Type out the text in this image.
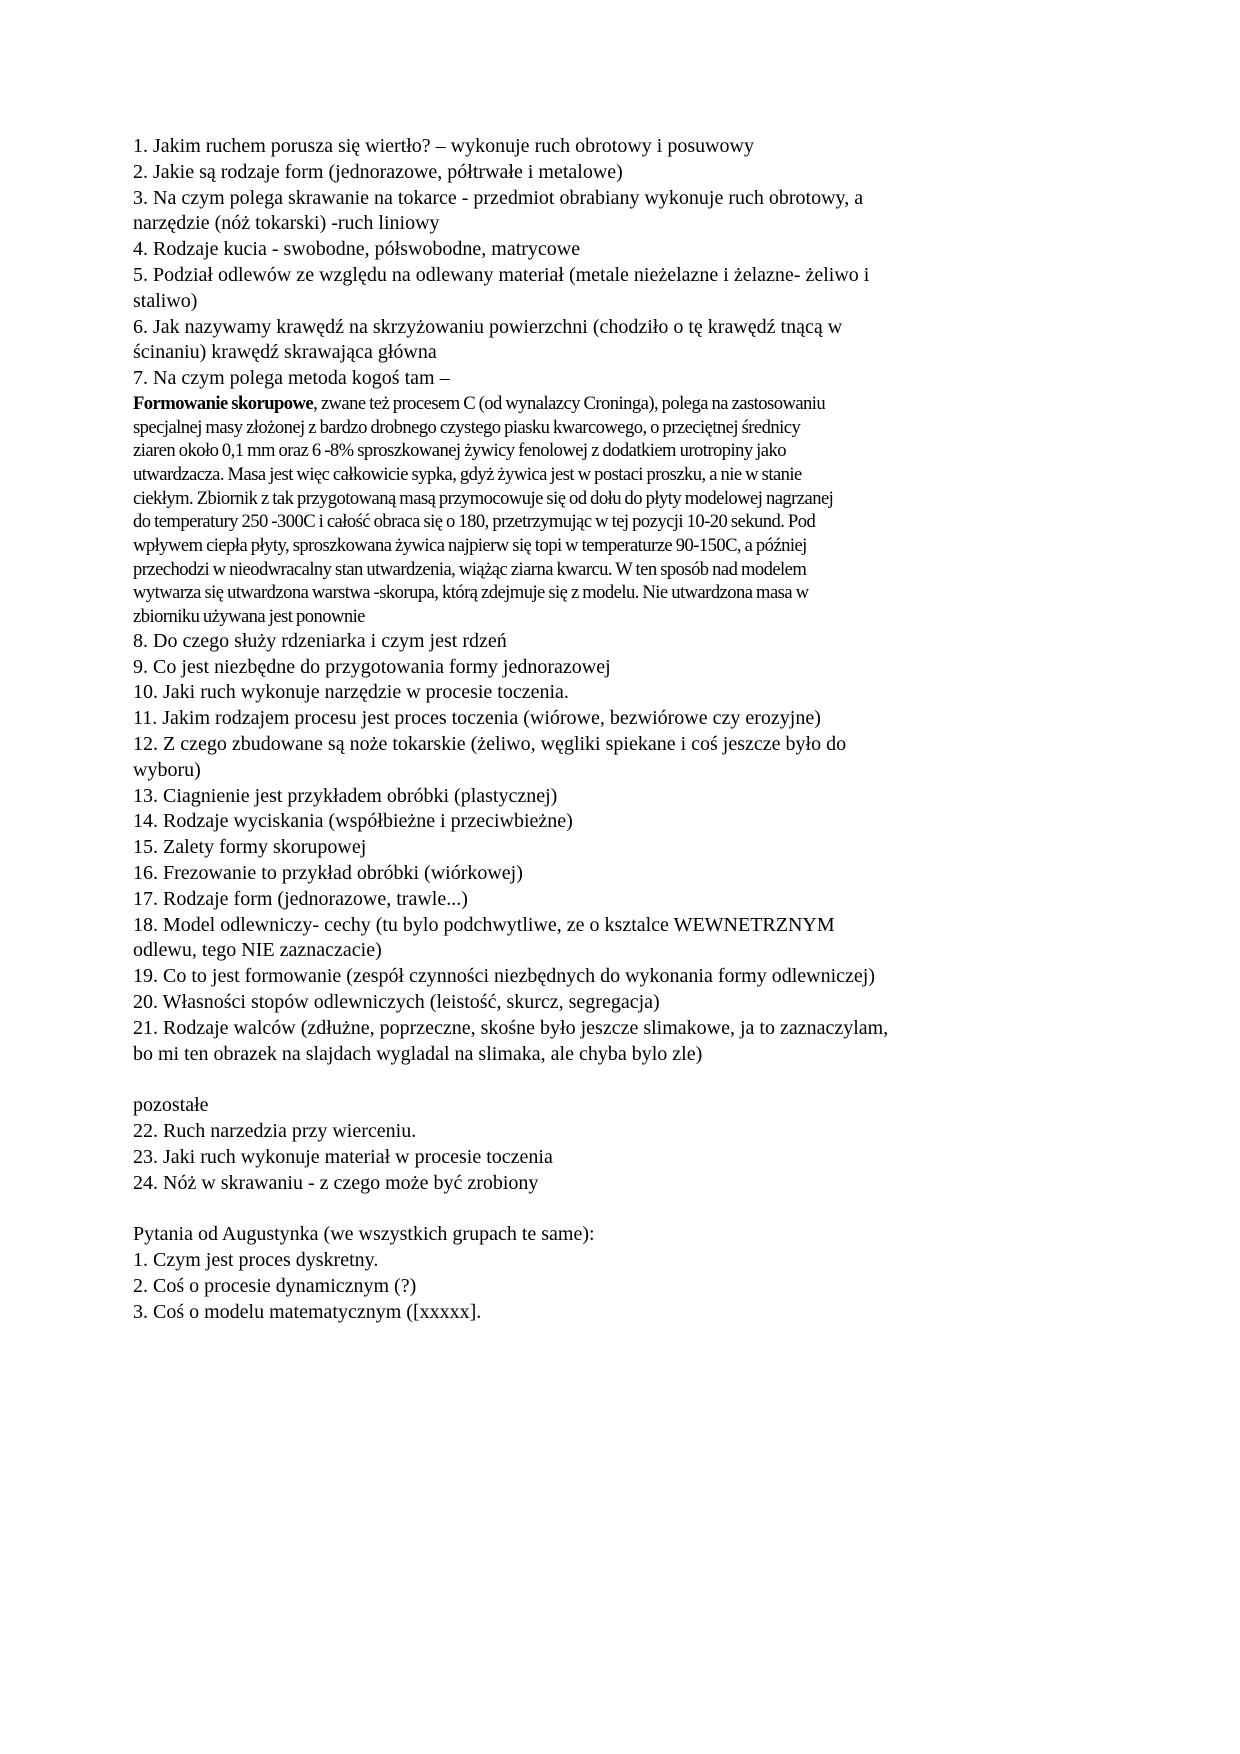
1. Jakim ruchem porusza się wiertło? – wykonuje ruch obrotowy i posuwowy
2. Jakie są rodzaje form (jednorazowe, półtrwałe i metalowe)
3. Na czym polega skrawanie na tokarce - przedmiot obrabiany wykonuje ruch obrotowy, a
narzędzie (nóż tokarski) -ruch liniowy
4. Rodzaje kucia - swobodne, półswobodne, matrycowe
5. Podział odlewów ze względu na odlewany materiał (metale nieżelazne i żelazne- żeliwo i
staliwo)
6. Jak nazywamy krawędź na skrzyżowaniu powierzchni (chodziło o tę krawędź tnącą w
ścinaniu) krawędź skrawająca główna
7. Na czym polega metoda kogoś tam –
Formowanie skorupowe, zwane też procesem C (od wynalazcy Croninga), polega na zastosowaniu
specjalnej masy złożonej z bardzo drobnego czystego piasku kwarcowego, o przeciętnej średnicy
ziaren około 0,1 mm oraz 6 -8% sproszkowanej żywicy fenolowej z dodatkiem urotropiny jako
utwardzacza. Masa jest więc całkowicie sypka, gdyż żywica jest w postaci proszku, a nie w stanie
ciekłym. Zbiornik z tak przygotowaną masą przymocowuje się od dołu do płyty modelowej nagrzanej
do temperatury 250 -300C i całość obraca się o 180, przetrzymując w tej pozycji 10-20 sekund. Pod
wpływem ciepła płyty, sproszkowana żywica najpierw się topi w temperaturze 90-150C, a później
przechodzi w nieodwracalny stan utwardzenia, wiążąc ziarna kwarcu. W ten sposób nad modelem
wytwarza się utwardzona warstwa -skorupa, którą zdejmuje się z modelu. Nie utwardzona masa w
zbiorniku używana jest ponownie
8. Do czego służy rdzeniarka i czym jest rdzeń
9. Co jest niezbędne do przygotowania formy jednorazowej
10. Jaki ruch wykonuje narzędzie w procesie toczenia.
11. Jakim rodzajem procesu jest proces toczenia (wiórowe, bezwiórowe czy erozyjne)
12. Z czego zbudowane są noże tokarskie (żeliwo, węgliki spiekane i coś jeszcze było do
wyboru)
13. Ciagnienie jest przykładem obróbki (plastycznej)
14. Rodzaje wyciskania (współbieżne i przeciwbieżne)
15. Zalety formy skorupowej
16. Frezowanie to przykład obróbki (wiórkowej)
17. Rodzaje form (jednorazowe, trawle...)
18. Model odlewniczy- cechy (tu bylo podchwytliwe, ze o ksztalce WEWNETRZNYM
odlewu, tego NIE zaznaczacie)
19. Co to jest formowanie (zespół czynności niezbędnych do wykonania formy odlewniczej)
20. Własności stopów odlewniczych (leistość, skurcz, segregacja)
21. Rodzaje walców (zdłużne, poprzeczne, skośne było jeszcze slimakowe, ja to zaznaczylam,
bo mi ten obrazek na slajdach wygladal na slimaka, ale chyba bylo zle)
pozostałe
22. Ruch narzedzia przy wierceniu.
23. Jaki ruch wykonuje materiał w procesie toczenia
24. Nóż w skrawaniu - z czego może być zrobiony
Pytania od Augustynka (we wszystkich grupach te same):
1. Czym jest proces dyskretny.
2. Coś o procesie dynamicznym (?)
3. Coś o modelu matematycznym ([xxxxx].
